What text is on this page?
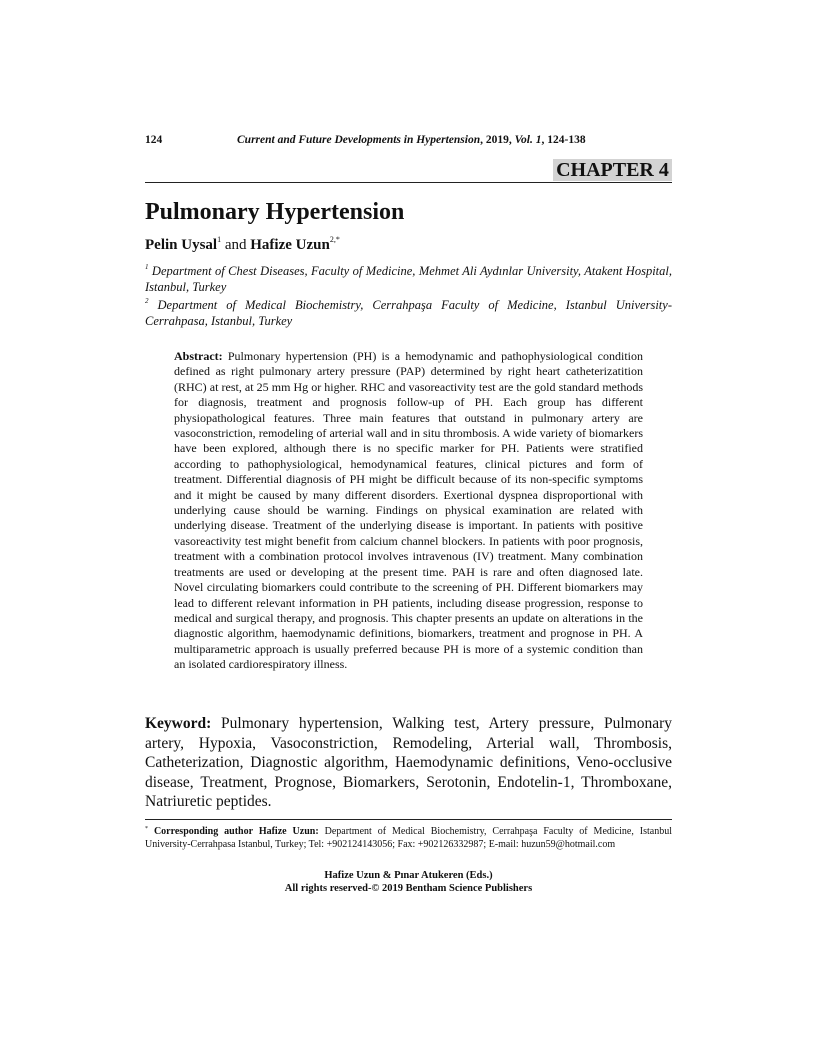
124	Current and Future Developments in Hypertension, 2019, Vol. 1, 124-138
CHAPTER 4
Pulmonary Hypertension
Pelin Uysal$^1$ and Hafize Uzun$^{2,*}$
$^1$ Department of Chest Diseases, Faculty of Medicine, Mehmet Ali Aydınlar University, Atakent Hospital, Istanbul, Turkey
$^2$ Department of Medical Biochemistry, Cerrahpaşa Faculty of Medicine, Istanbul University-Cerrahpasa, Istanbul, Turkey
Abstract: Pulmonary hypertension (PH) is a hemodynamic and pathophysiological condition defined as right pulmonary artery pressure (PAP) determined by right heart catheterizatition (RHC) at rest, at 25 mm Hg or higher. RHC and vasoreactivity test are the gold standard methods for diagnosis, treatment and prognosis follow-up of PH. Each group has different physiopathological features. Three main features that outstand in pulmonary artery are vasoconstriction, remodeling of arterial wall and in situ thrombosis. A wide variety of biomarkers have been explored, although there is no specific marker for PH. Patients were stratified according to pathophysiological, hemodynamical features, clinical pictures and form of treatment. Differential diagnosis of PH might be difficult because of its non-specific symptoms and it might be caused by many different disorders. Exertional dyspnea disproportional with underlying cause should be warning. Findings on physical examination are related with underlying disease. Treatment of the underlying disease is important. In patients with positive vasoreactivity test might benefit from calcium channel blockers. In patients with poor prognosis, treatment with a combination protocol involves intravenous (IV) treatment. Many combination treatments are used or developing at the present time. PAH is rare and often diagnosed late. Novel circulating biomarkers could contribute to the screening of PH. Different biomarkers may lead to different relevant information in PH patients, including disease progression, response to medical and surgical therapy, and prognosis. This chapter presents an update on alterations in the diagnostic algorithm, haemodynamic definitions, biomarkers, treatment and prognose in PH. A multiparametric approach is usually preferred because PH is more of a systemic condition than an isolated cardiorespiratory illness.
Keyword: Pulmonary hypertension, Walking test, Artery pressure, Pulmonary artery, Hypoxia, Vasoconstriction, Remodeling, Arterial wall, Thrombosis, Catheterization, Diagnostic algorithm, Haemodynamic definitions, Veno-occlusive disease, Treatment, Prognose, Biomarkers, Serotonin, Endotelin-1, Thromboxane, Natriuretic peptides.
* Corresponding author Hafize Uzun: Department of Medical Biochemistry, Cerrahpaşa Faculty of Medicine, Istanbul University-Cerrahpasa Istanbul, Turkey; Tel: +902124143056; Fax: +902126332987; E-mail: huzun59@hotmail.com
Hafize Uzun & Pınar Atukeren (Eds.)
All rights reserved-© 2019 Bentham Science Publishers
